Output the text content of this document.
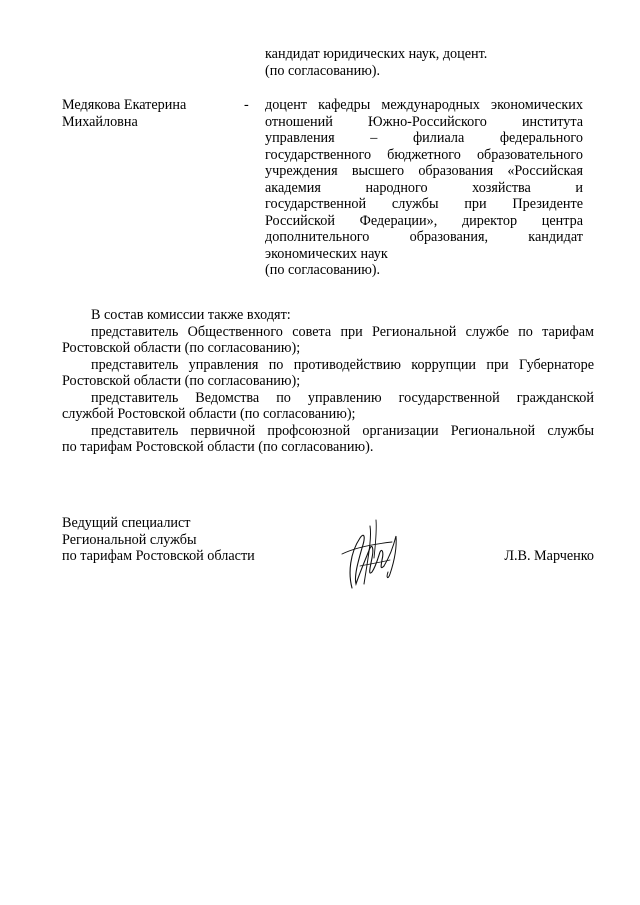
кандидат юридических наук, доцент.
(по согласованию).
Медякова Екатерина
Михайловна
- доцент кафедры международных экономических
отношений Южно-Российского института
управления – филиала федерального
государственного бюджетного образовательного
учреждения высшего образования «Российская
академия народного хозяйства и
государственной службы при Президенте
Российской Федерации», директор центра
дополнительного образования, кандидат
экономических наук
(по согласованию).
В состав комиссии также входят:
представитель Общественного совета при Региональной службе по тарифам
Ростовской области (по согласованию);
представитель управления по противодействию коррупции при Губернаторе
Ростовской области (по согласованию);
представитель Ведомства по управлению государственной гражданской
службой Ростовской области (по согласованию);
представитель первичной профсоюзной организации Региональной службы
по тарифам Ростовской области (по согласованию).
Ведущий специалист
Региональной службы
по тарифам Ростовской области	Л.В. Марченко
